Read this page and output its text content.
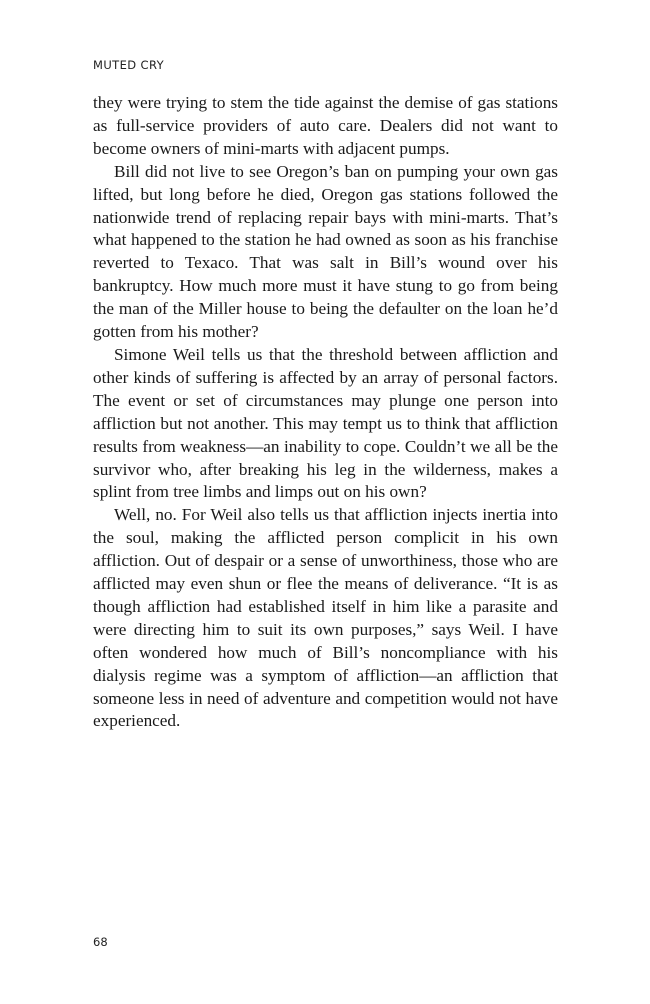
MUTED CRY

they were trying to stem the tide against the demise of gas stations as full-service providers of auto care. Dealers did not want to become owners of mini-marts with adjacent pumps.

Bill did not live to see Oregon’s ban on pumping your own gas lifted, but long before he died, Oregon gas stations followed the nationwide trend of replacing repair bays with mini-marts. That’s what happened to the station he had owned as soon as his franchise reverted to Texaco. That was salt in Bill’s wound over his bankruptcy. How much more must it have stung to go from being the man of the Miller house to being the defaulter on the loan he’d gotten from his mother?

Simone Weil tells us that the threshold between affliction and other kinds of suffering is affected by an array of personal factors. The event or set of circumstances may plunge one person into affliction but not another. This may tempt us to think that affliction results from weakness—an inability to cope. Couldn’t we all be the survivor who, after breaking his leg in the wilderness, makes a splint from tree limbs and limps out on his own?

Well, no. For Weil also tells us that affliction injects inertia into the soul, making the afflicted person complicit in his own affliction. Out of despair or a sense of unworthiness, those who are afflicted may even shun or flee the means of deliverance. “It is as though affliction had established itself in him like a parasite and were directing him to suit its own purposes,” says Weil. I have often wondered how much of Bill’s noncompliance with his dialysis regime was a symptom of affliction—an affliction that someone less in need of adventure and competition would not have experienced.

68
